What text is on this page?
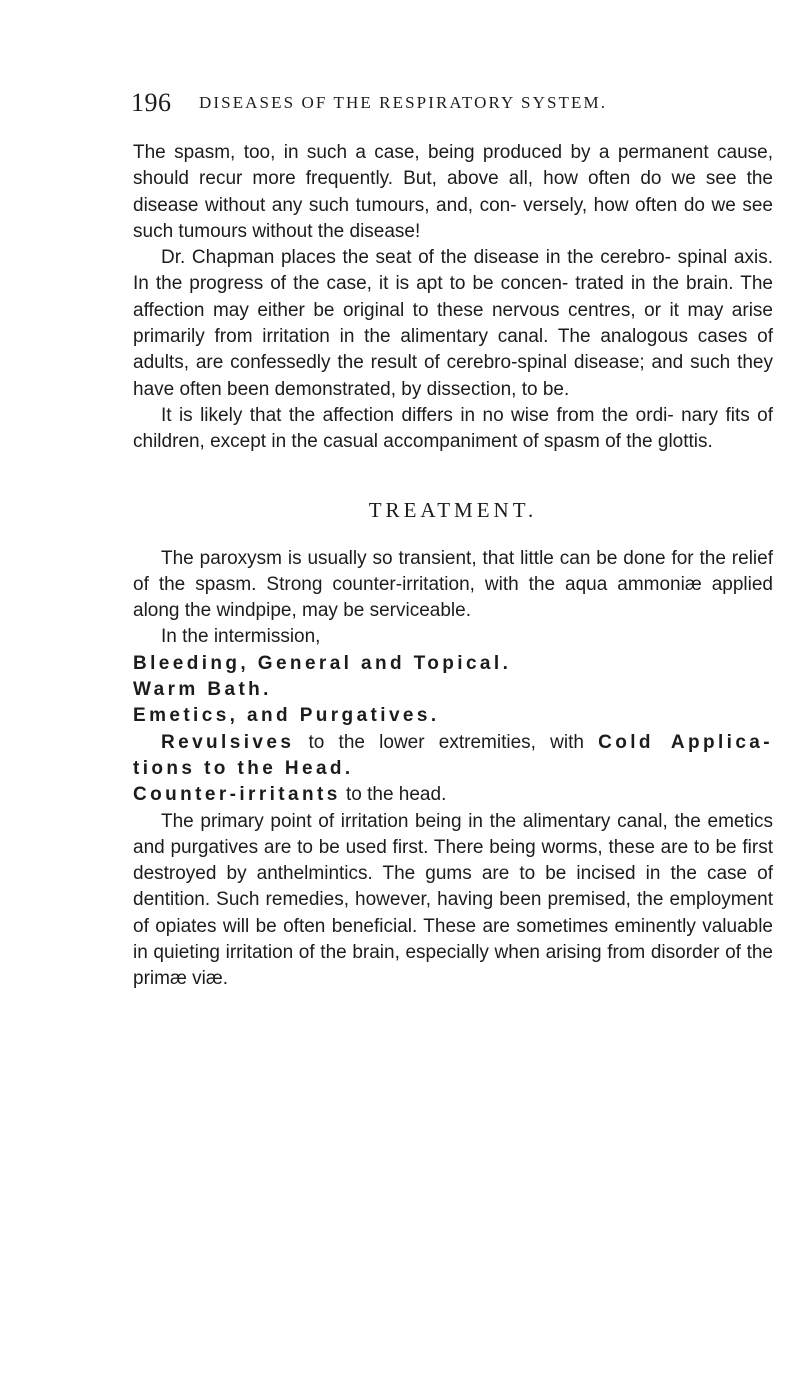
196 DISEASES OF THE RESPIRATORY SYSTEM.

The spasm, too, in such a case, being produced by a permanent cause, should recur more frequently. But, above all, how often do we see the disease without any such tumours, and, con- versely, how often do we see such tumours without the disease!

Dr. Chapman places the seat of the disease in the cerebro- spinal axis. In the progress of the case, it is apt to be concen- trated in the brain. The affection may either be original to these nervous centres, or it may arise primarily from irritation in the alimentary canal. The analogous cases of adults, are confessedly the result of cerebro-spinal disease; and such they have often been demonstrated, by dissection, to be.

It is likely that the affection differs in no wise from the ordi- nary fits of children, except in the casual accompaniment of spasm of the glottis.

TREATMENT.

The paroxysm is usually so transient, that little can be done for the relief of the spasm. Strong counter-irritation, with the aqua ammoniæ applied along the windpipe, may be serviceable.

In the intermission,

Bleeding, General and Topical.

Warm Bath.

Emetics, and Purgatives.

Revulsives to the lower extremities, with Cold Applica- tions to the Head.

Counter-irritants to the head.

The primary point of irritation being in the alimentary canal, the emetics and purgatives are to be used first. There being worms, these are to be first destroyed by anthelmintics. The gums are to be incised in the case of dentition. Such remedies, however, having been premised, the employment of opiates will be often beneficial. These are sometimes eminently valuable in quieting irritation of the brain, especially when arising from disorder of the primæ viæ.
